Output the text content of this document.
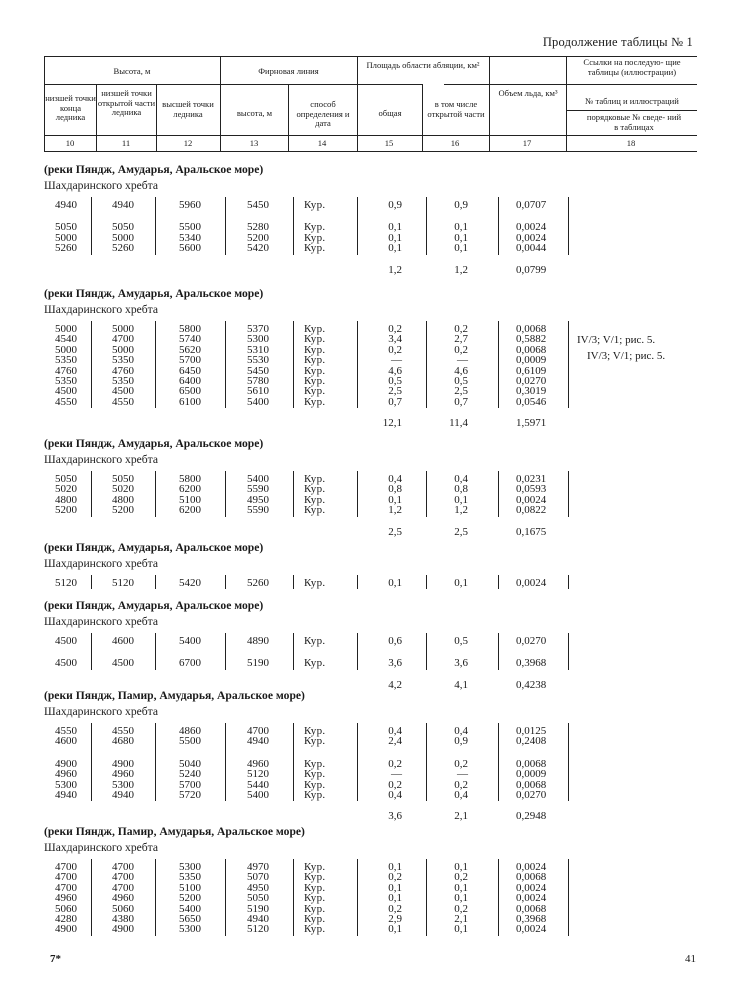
Продолжение таблицы № 1
Высота, м	Фирновая линия
Площадь области абляции, км²
Объем льда, км³
Ссылки на последую- щие таблицы (иллюстрации)
низшей точки конца ледника
низшей точки открытой части ледника
высшей точки ледника	высота, м
способ определения и дата
общая
в том числе открытой части
№ таблиц и иллюстраций
порядковые № сведе- ний в таблицах
10	11	12	13	14	15	16	17	18
(реки Пяндж, Амударья, Аральское море)
Шахдаринского хребта
4940	4940	5960	5450	Кур.	0,9	0,9	0,0707
5050	5050	5500	5280	Кур.	0,1	0,1	0,0024
5000	5000	5340	5200	Кур.	0,1	0,1	0,0024
5260	5260	5600	5420	Кур.	0,1	0,1	0,0044
1,2	1,2	0,0799
(реки Пяндж, Амударья, Аральское море)
Шахдаринского хребта
5000	5000	5800	5370	Кур.	0,2	0,2	0,0068
4540	4700	5740	5300	Кур.	3,4	2,7	0,5882
5000	5000	5620	5310	Кур.	0,2	0,2	0,0068
5350	5350	5700	5530	Кур.	—	—	0,0009
4760	4760	6450	5450	Кур.	4,6	4,6	0,6109
5350	5350	6400	5780	Кур.	0,5	0,5	0,0270
4500	4500	6500	5610	Кур.	2,5	2,5	0,3019
4550	4550	6100	5400	Кур.	0,7	0,7	0,0546
IV/3; V/1; рис. 5.
IV/3; V/1; рис. 5.
12,1	11,4	1,5971
(реки Пяндж, Амударья, Аральское море)
Шахдаринского хребта
5050	5050	5800	5400	Кур.	0,4	0,4	0,0231
5020	5020	6200	5590	Кур.	0,8	0,8	0,0593
4800	4800	5100	4950	Кур.	0,1	0,1	0,0024
5200	5200	6200	5590	Кур.	1,2	1,2	0,0822
2,5	2,5	0,1675
(реки Пяндж, Амударья, Аральское море)
Шахдаринского хребта
5120	5120	5420	5260	Кур.	0,1	0,1	0,0024
(реки Пяндж, Амударья, Аральское море)
Шахдаринского хребта
4500	4600	5400	4890	Кур.	0,6	0,5	0,0270
4500	4500	6700	5190	Кур.	3,6	3,6	0,3968
4,2	4,1	0,4238
(реки Пяндж, Памир, Амударья, Аральское море)
Шахдаринского хребта
4550	4550	4860	4700	Кур.	0,4	0,4	0,0125
4600	4680	5500	4940	Кур.	2,4	0,9	0,2408
4900	4900	5040	4960	Кур.	0,2	0,2	0,0068
4960	4960	5240	5120	Кур.	—	—	0,0009
5300	5300	5700	5440	Кур.	0,2	0,2	0,0068
4940	4940	5720	5400	Кур.	0,4	0,4	0,0270
3,6	2,1	0,2948
(реки Пяндж, Памир, Амударья, Аральское море)
Шахдаринского хребта
4700	4700	5300	4970	Кур.	0,1	0,1	0,0024
4700	4700	5350	5070	Кур.	0,2	0,2	0,0068
4700	4700	5100	4950	Кур.	0,1	0,1	0,0024
4960	4960	5200	5050	Кур.	0,1	0,1	0,0024
5060	5060	5400	5190	Кур.	0,2	0,2	0,0068
4280	4380	5650	4940	Кур.	2,9	2,1	0,3968
4900	4900	5300	5120	Кур.	0,1	0,1	0,0024
7*	41
